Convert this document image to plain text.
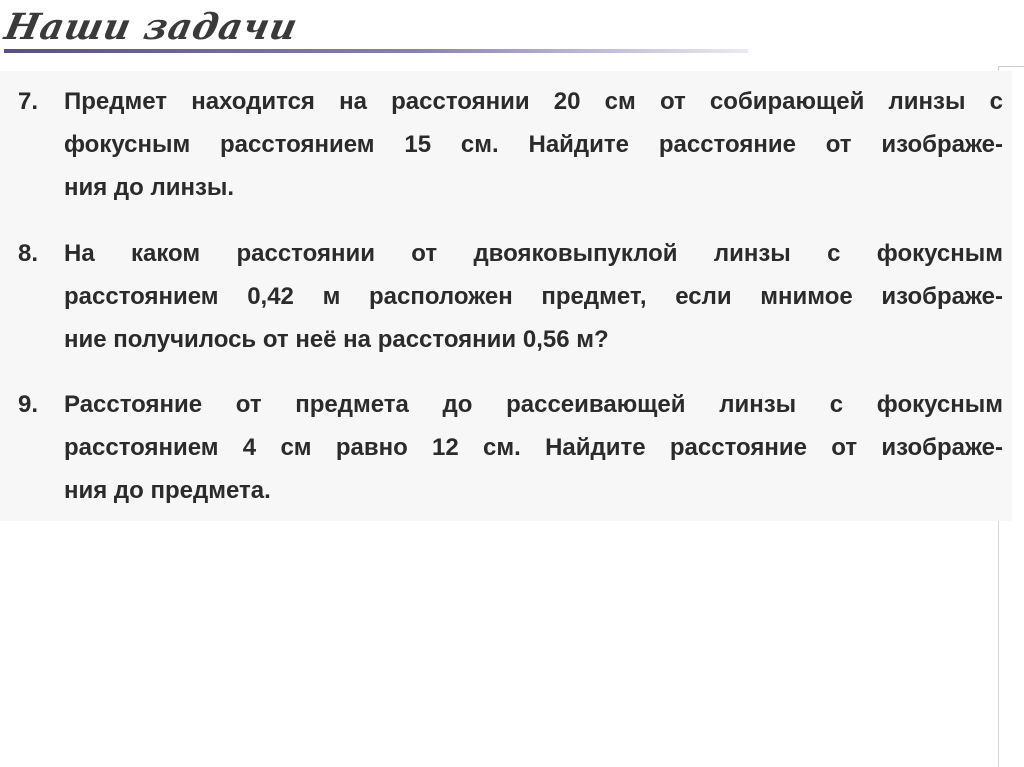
Наши задачи
7.	Предмет находится на расстоянии 20 см от собирающей линзы с
фокусным расстоянием 15 см. Найдите расстояние от изображе-
ния до линзы.
8.	На каком расстоянии от двояковыпуклой линзы с фокусным
расстоянием 0,42 м расположен предмет, если мнимое изображе-
ние получилось от неё на расстоянии 0,56 м?
9.	Расстояние от предмета до рассеивающей линзы с фокусным
расстоянием 4 см равно 12 см. Найдите расстояние от изображе-
ния до предмета.
